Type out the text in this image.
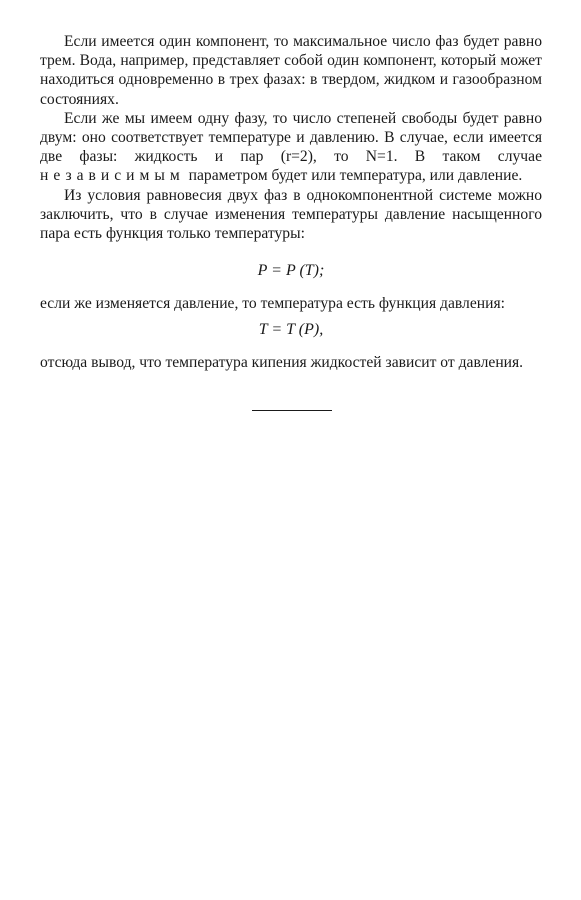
Если имеется один компонент, то максимальное число фаз будет равно трем. Вода, например, представляет собой один компонент, который может находиться одновременно в трех фазах: в твердом, жидком и газообразном состояниях.

Если же мы имеем одну фазу, то число степеней свободы будет равно двум: оно соответствует температуре и давлению. В случае, если имеется две фазы: жидкость и пар (r=2), то N=1. В таком случае независимым параметром будет или температура, или давление.

Из условия равновесия двух фаз в однокомпонентной системе можно заключить, что в случае изменения температуры давление насыщенного пара есть функция только температуры:

P = P (T);

если же изменяется давление, то температура есть функция давления:

T = T (P),

отсюда вывод, что температура кипения жидкостей зависит от давления.
